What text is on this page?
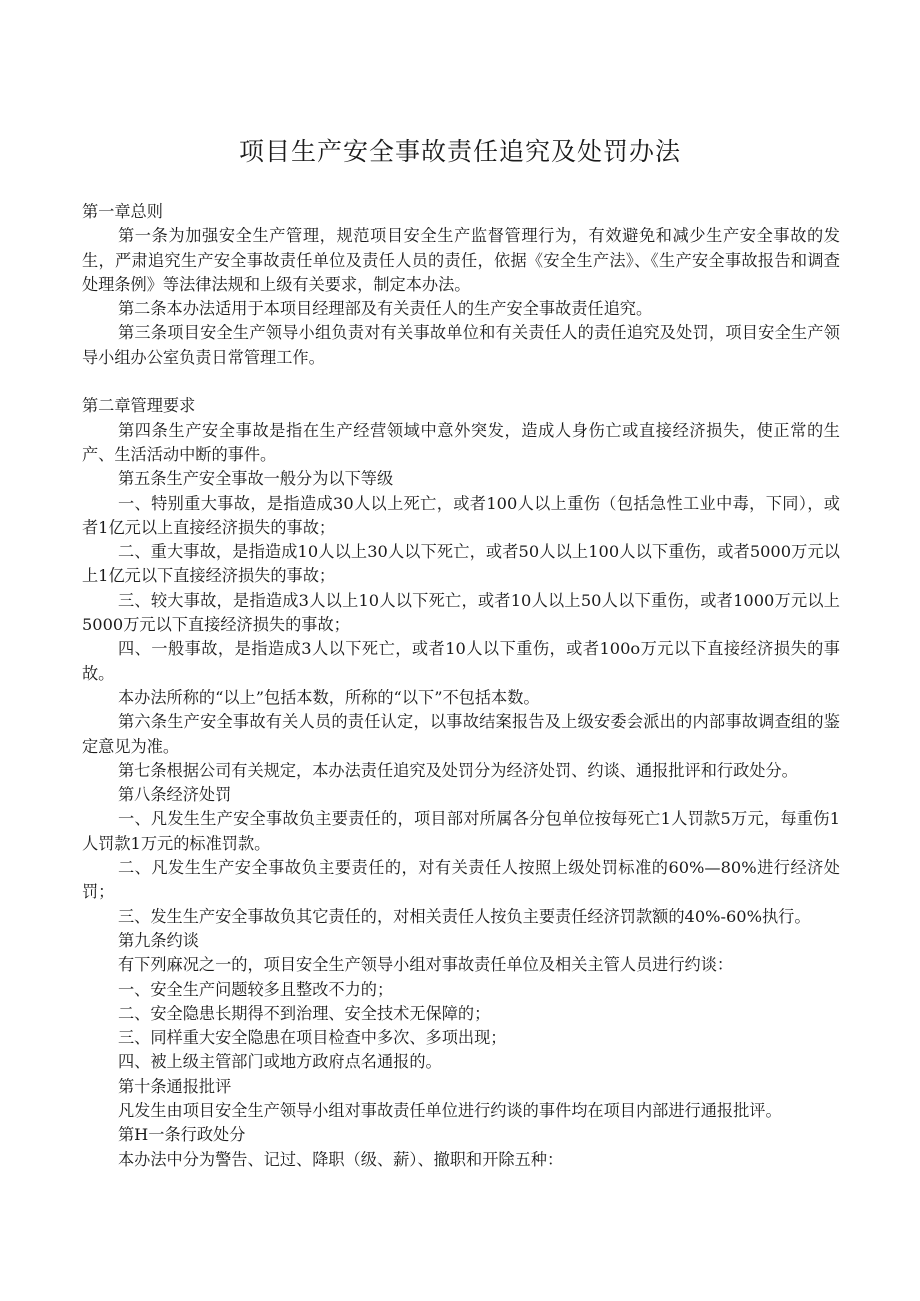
项目生产安全事故责任追究及处罚办法

第一章总则

第一条为加强安全生产管理，规范项目安全生产监督管理行为，有效避免和减少生产安全事故的发生，严肃追究生产安全事故责任单位及责任人员的责任，依据《安全生产法》、《生产安全事故报告和调查处理条例》等法律法规和上级有关要求，制定本办法。

第二条本办法适用于本项目经理部及有关责任人的生产安全事故责任追究。

第三条项目安全生产领导小组负责对有关事故单位和有关责任人的责任追究及处罚，项目安全生产领导小组办公室负责日常管理工作。

第二章管理要求

第四条生产安全事故是指在生产经营领域中意外突发，造成人身伤亡或直接经济损失，使正常的生产、生活活动中断的事件。

第五条生产安全事故一般分为以下等级

一、特别重大事故，是指造成30人以上死亡，或者100人以上重伤（包括急性工业中毒，下同），或者1亿元以上直接经济损失的事故；

二、重大事故，是指造成10人以上30人以下死亡，或者50人以上100人以下重伤，或者5000万元以上1亿元以下直接经济损失的事故；

三、较大事故，是指造成3人以上10人以下死亡，或者10人以上50人以下重伤，或者1000万元以上5000万元以下直接经济损失的事故；

四、一般事故，是指造成3人以下死亡，或者10人以下重伤，或者100o万元以下直接经济损失的事故。

本办法所称的“以上”包括本数，所称的“以下”不包括本数。

第六条生产安全事故有关人员的责任认定，以事故结案报告及上级安委会派出的内部事故调查组的鉴定意见为准。

第七条根据公司有关规定，本办法责任追究及处罚分为经济处罚、约谈、通报批评和行政处分。

第八条经济处罚

一、凡发生生产安全事故负主要责任的，项目部对所属各分包单位按每死亡1人罚款5万元，每重伤1人罚款1万元的标准罚款。

二、凡发生生产安全事故负主要责任的，对有关责任人按照上级处罚标准的60%—80%进行经济处罚；

三、发生生产安全事故负其它责任的，对相关责任人按负主要责任经济罚款额的40%-60%执行。

第九条约谈

有下列麻况之一的，项目安全生产领导小组对事故责任单位及相关主管人员进行约谈：

一、安全生产问题较多且整改不力的；

二、安全隐患长期得不到治理、安全技术无保障的；

三、同样重大安全隐患在项目检查中多次、多项出现；

四、被上级主管部门或地方政府点名通报的。

第十条通报批评

凡发生由项目安全生产领导小组对事故责任单位进行约谈的事件均在项目内部进行通报批评。

第H一条行政处分

本办法中分为警告、记过、降职（级、薪）、撤职和开除五种：
